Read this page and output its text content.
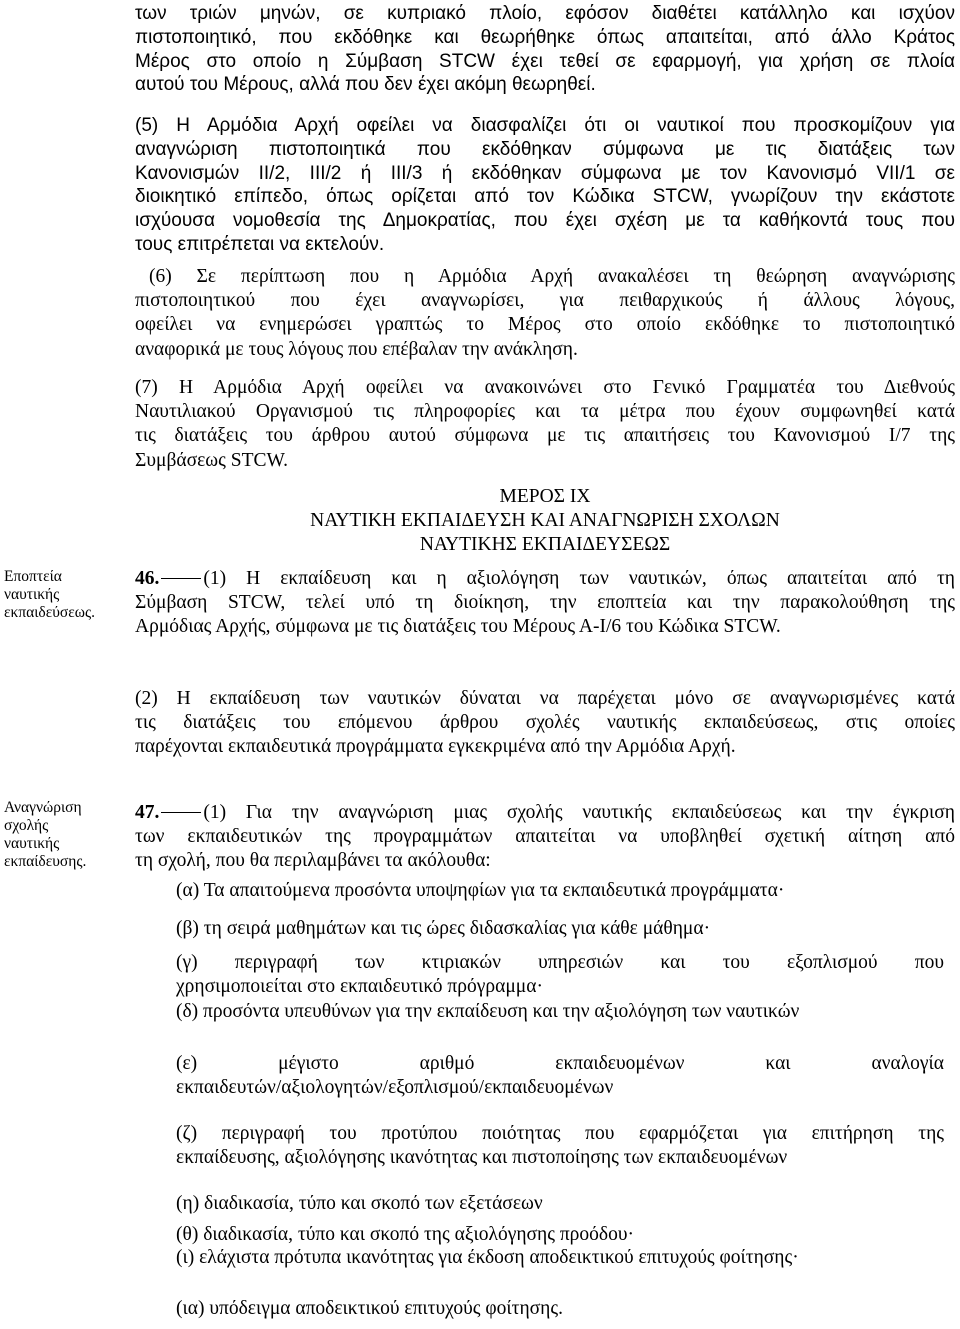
των τριών μηνών, σε κυπριακό πλοίο, εφόσον διαθέτει κατάλληλο και ισχύον
πιστοποιητικό, που εκδόθηκε και θεωρήθηκε όπως απαιτείται, από άλλο Κράτος
Μέρος στο οποίο η Σύμβαση STCW έχει τεθεί σε εφαρμογή, για χρήση σε πλοία
αυτού του Μέρους, αλλά που δεν έχει ακόμη θεωρηθεί.
(5) Η Αρμόδια Αρχή οφείλει να διασφαλίζει ότι οι ναυτικοί που προσκομίζουν για
αναγνώριση πιστοποιητικά που εκδόθηκαν σύμφωνα με τις διατάξεις των
Κανονισμών ΙΙ/2, ΙΙΙ/2 ή ΙΙΙ/3 ή εκδόθηκαν σύμφωνα με τον Κανονισμό VII/1 σε
διοικητικό επίπεδο, όπως ορίζεται από τον Κώδικα STCW, γνωρίζουν την εκάστοτε
ισχύουσα νομοθεσία της Δημοκρατίας, που έχει σχέση με τα καθήκοντά τους που
τους επιτρέπεται να εκτελούν.
(6) Σε περίπτωση που η Αρμόδια Αρχή ανακαλέσει τη θεώρηση αναγνώρισης
πιστοποιητικού που έχει αναγνωρίσει, για πειθαρχικούς ή άλλους λόγους,
οφείλει να ενημερώσει γραπτώς το Μέρος στο οποίο εκδόθηκε το πιστοποιητικό
αναφορικά με τους λόγους που επέβαλαν την ανάκληση.
(7) Η Αρμόδια Αρχή οφείλει να ανακοινώνει στο Γενικό Γραμματέα του Διεθνούς
Ναυτιλιακού Οργανισμού τις πληροφορίες και τα μέτρα που έχουν συμφωνηθεί κατά
τις διατάξεις του άρθρου αυτού σύμφωνα με τις απαιτήσεις του Κανονισμού Ι/7 της
Συμβάσεως STCW.
ΜΕΡΟΣ ΙΧ
ΝΑΥΤΙΚΗ ΕΚΠΑΙΔΕΥΣΗ ΚΑΙ ΑΝΑΓΝΩΡΙΣΗ ΣΧΟΛΩΝ
ΝΑΥΤΙΚΗΣ ΕΚΠΑΙΔΕΥΣΕΩΣ
Εποπτεία
ναυτικής
εκπαιδεύσεως.
46. (1) Η εκπαίδευση και η αξιολόγηση των ναυτικών, όπως απαιτείται από τη
Σύμβαση STCW, τελεί υπό τη διοίκηση, την εποπτεία και την παρακολούθηση της
Αρμόδιας Αρχής, σύμφωνα με τις διατάξεις του Μέρους Α-Ι/6 του Κώδικα STCW.
(2) Η εκπαίδευση των ναυτικών δύναται να παρέχεται μόνο σε αναγνωρισμένες κατά
τις διατάξεις του επόμενου άρθρου σχολές ναυτικής εκπαιδεύσεως, στις οποίες
παρέχονται εκπαιδευτικά προγράμματα εγκεκριμένα από την Αρμόδια Αρχή.
Αναγνώριση
σχολής
ναυτικής
εκπαίδευσης.
47. (1) Για την αναγνώριση μιας σχολής ναυτικής εκπαιδεύσεως και την έγκριση
των εκπαιδευτικών της προγραμμάτων απαιτείται να υποβληθεί σχετική αίτηση από
τη σχολή, που θα περιλαμβάνει τα ακόλουθα:
(α) Τα απαιτούμενα προσόντα υποψηφίων για τα εκπαιδευτικά προγράμματα·
(β) τη σειρά μαθημάτων και τις ώρες διδασκαλίας για κάθε μάθημα·
(γ) περιγραφή των κτιριακών υπηρεσιών και του εξοπλισμού που
χρησιμοποιείται στο εκπαιδευτικό πρόγραμμα·
(δ) προσόντα υπευθύνων για την εκπαίδευση και την αξιολόγηση των ναυτικών
(ε) μέγιστο αριθμό εκπαιδευομένων και αναλογία
εκπαιδευτών/αξιολογητών/εξοπλισμού/εκπαιδευομένων
(ζ) περιγραφή του προτύπου ποιότητας που εφαρμόζεται για επιτήρηση της
εκπαίδευσης, αξιολόγησης ικανότητας και πιστοποίησης των εκπαιδευομένων
(η) διαδικασία, τύπο και σκοπό των εξετάσεων
(θ) διαδικασία, τύπο και σκοπό της αξιολόγησης προόδου·
(ι) ελάχιστα πρότυπα ικανότητας για έκδοση αποδεικτικού επιτυχούς φοίτησης·
(ια) υπόδειγμα αποδεικτικού επιτυχούς φοίτησης.
